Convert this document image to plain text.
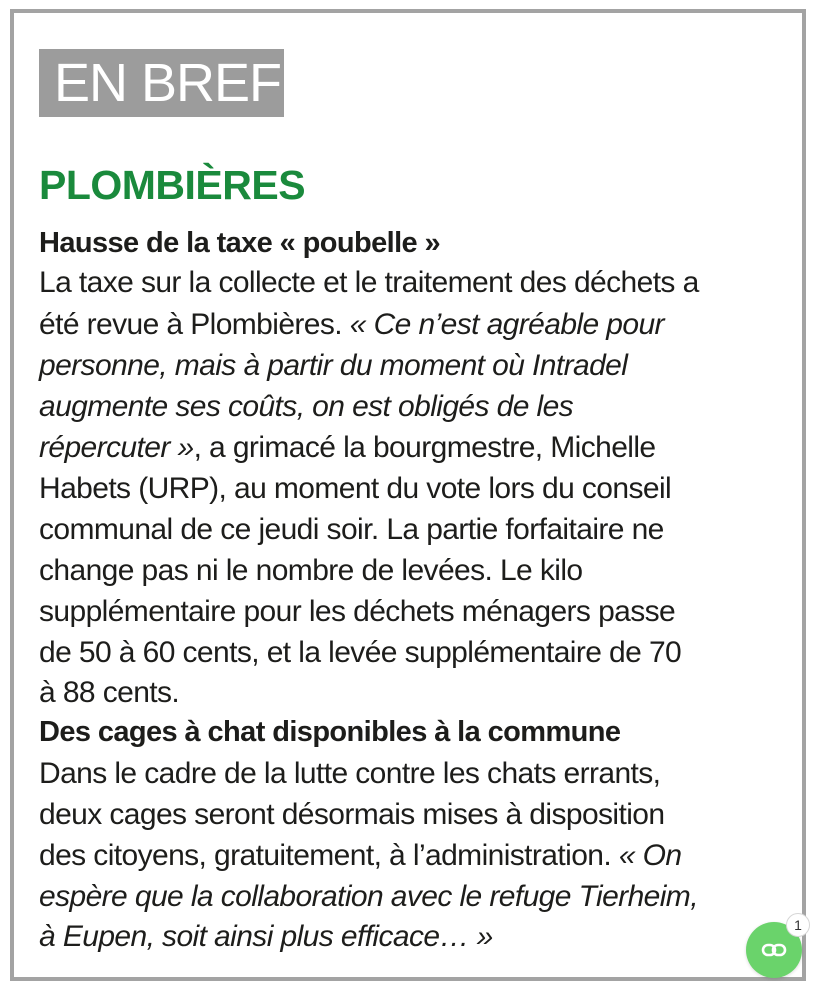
EN BREF
PLOMBIÈRES
Hausse de la taxe « poubelle »
La taxe sur la collecte et le traitement des déchets a
été revue à Plombières. « Ce n’est agréable pour
personne, mais à partir du moment où Intradel
augmente ses coûts, on est obligés de les
répercuter », a grimacé la bourgmestre, Michelle
Habets (URP), au moment du vote lors du conseil
communal de ce jeudi soir. La partie forfaitaire ne
change pas ni le nombre de levées. Le kilo
supplémentaire pour les déchets ménagers passe
de 50 à 60 cents, et la levée supplémentaire de 70
à 88 cents.
Des cages à chat disponibles à la commune
Dans le cadre de la lutte contre les chats errants,
deux cages seront désormais mises à disposition
des citoyens, gratuitement, à l’administration. « On
espère que la collaboration avec le refuge Tierheim,
à Eupen, soit ainsi plus efficace… »	1
